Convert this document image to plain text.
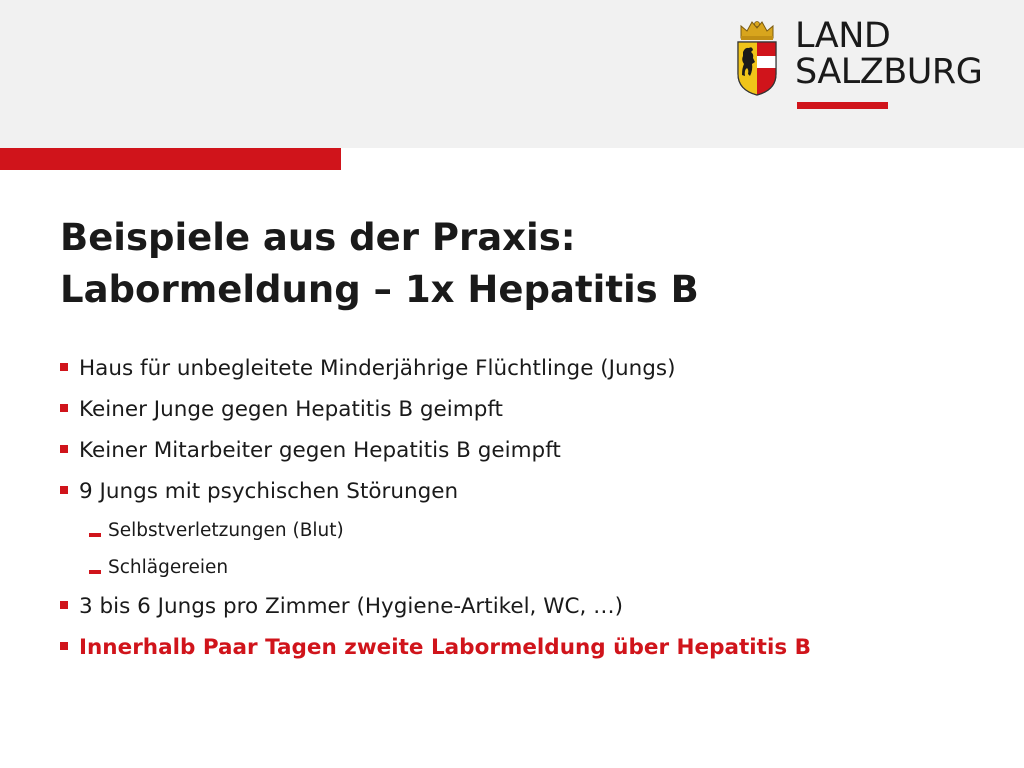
LAND
SALZBURG
Beispiele aus der Praxis:
Labormeldung – 1x Hepatitis B
Haus für unbegleitete Minderjährige Flüchtlinge (Jungs)
Keiner Junge gegen Hepatitis B geimpft
Keiner Mitarbeiter gegen Hepatitis B geimpft
9 Jungs mit psychischen Störungen
Selbstverletzungen (Blut)
Schlägereien
3 bis 6 Jungs pro Zimmer (Hygiene-Artikel, WC, …)
Innerhalb Paar Tagen zweite Labormeldung über Hepatitis B
